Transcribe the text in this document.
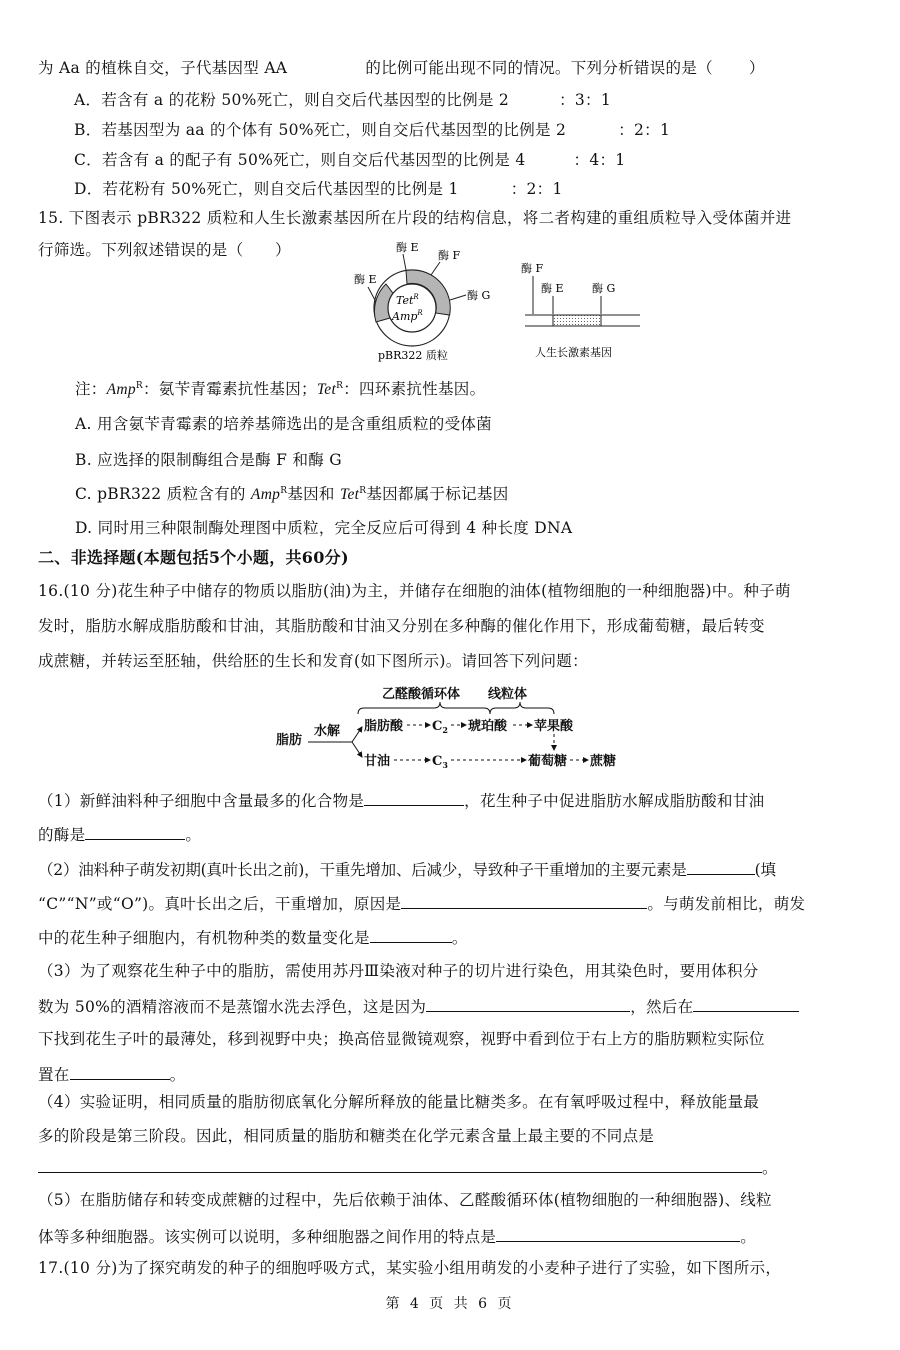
为 Aa 的植株自交，子代基因型 AA	的比例可能出现不同的情况。下列分析错误的是（ ）
A．若含有 a 的花粉 50%死亡，则自交后代基因型的比例是 2	：3：1
B．若基因型为 aa 的个体有 50%死亡，则自交后代基因型的比例是 2	：2：1
C．若含有 a 的配子有 50%死亡，则自交后代基因型的比例是 4	：4：1
D．若花粉有 50%死亡，则自交后代基因型的比例是 1	：2：1
15. 下图表示 pBR322 质粒和人生长激素基因所在片段的结构信息，将二者构建的重组质粒导入受体菌并进
行筛选。下列叙述错误的是（　　）
Tet$^R$
Amp$^R$
酶 E
酶 F
酶 E
酶 G
pBR322 质粒
酶 F
酶 E	酶 G
人生长激素基因
注：Amp$^R$：氨苄青霉素抗性基因；Tet$^R$：四环素抗性基因。
A. 用含氨苄青霉素的培养基筛选出的是含重组质粒的受体菌
B. 应选择的限制酶组合是酶 F 和酶 G
C. pBR322 质粒含有的 Amp$^R$基因和 Tet$^R$基因都属于标记基因
D. 同时用三种限制酶处理图中质粒，完全反应后可得到 4 种长度 DNA
二、非选择题(本题包括5个小题，共60分)
16.(10 分)花生种子中储存的物质以脂肪(油)为主，并储存在细胞的油体(植物细胞的一种细胞器)中。种子萌
发时，脂肪水解成脂肪酸和甘油，其脂肪酸和甘油又分别在多种酶的催化作用下，形成葡萄糖，最后转变
成蔗糖，并转运至胚轴，供给胚的生长和发育(如下图所示)。请回答下列问题：
乙醛酸循环体 线粒体
脂肪
水解 脂肪酸 $C_2$ 琥珀酸 苹果酸
甘油	$C_3$	葡萄糖 蔗糖
（1）新鲜油料种子细胞中含量最多的化合物是	，花生种子中促进脂肪水解成脂肪酸和甘油
的酶是	。
（2）油料种子萌发初期(真叶长出之前)，干重先增加、后减少，导致种子干重增加的主要元素是	(填
“C”“N”或“O”)。真叶长出之后，干重增加，原因是	。与萌发前相比，萌发
中的花生种子细胞内，有机物种类的数量变化是	。
（3）为了观察花生种子中的脂肪，需使用苏丹Ⅲ染液对种子的切片进行染色，用其染色时，要用体积分
数为 50%的酒精溶液而不是蒸馏水洗去浮色，这是因为	，然后在
下找到花生子叶的最薄处，移到视野中央；换高倍显微镜观察，视野中看到位于右上方的脂肪颗粒实际位
置在	。
（4）实验证明，相同质量的脂肪彻底氧化分解所释放的能量比糖类多。在有氧呼吸过程中，释放能量最
多的阶段是第三阶段。因此，相同质量的脂肪和糖类在化学元素含量上最主要的不同点是
。
（5）在脂肪储存和转变成蔗糖的过程中，先后依赖于油体、乙醛酸循环体(植物细胞的一种细胞器)、线粒
体等多种细胞器。该实例可以说明，多种细胞器之间作用的特点是	。
17.(10 分)为了探究萌发的种子的细胞呼吸方式，某实验小组用萌发的小麦种子进行了实验，如下图所示，
第 4 页 共 6 页
